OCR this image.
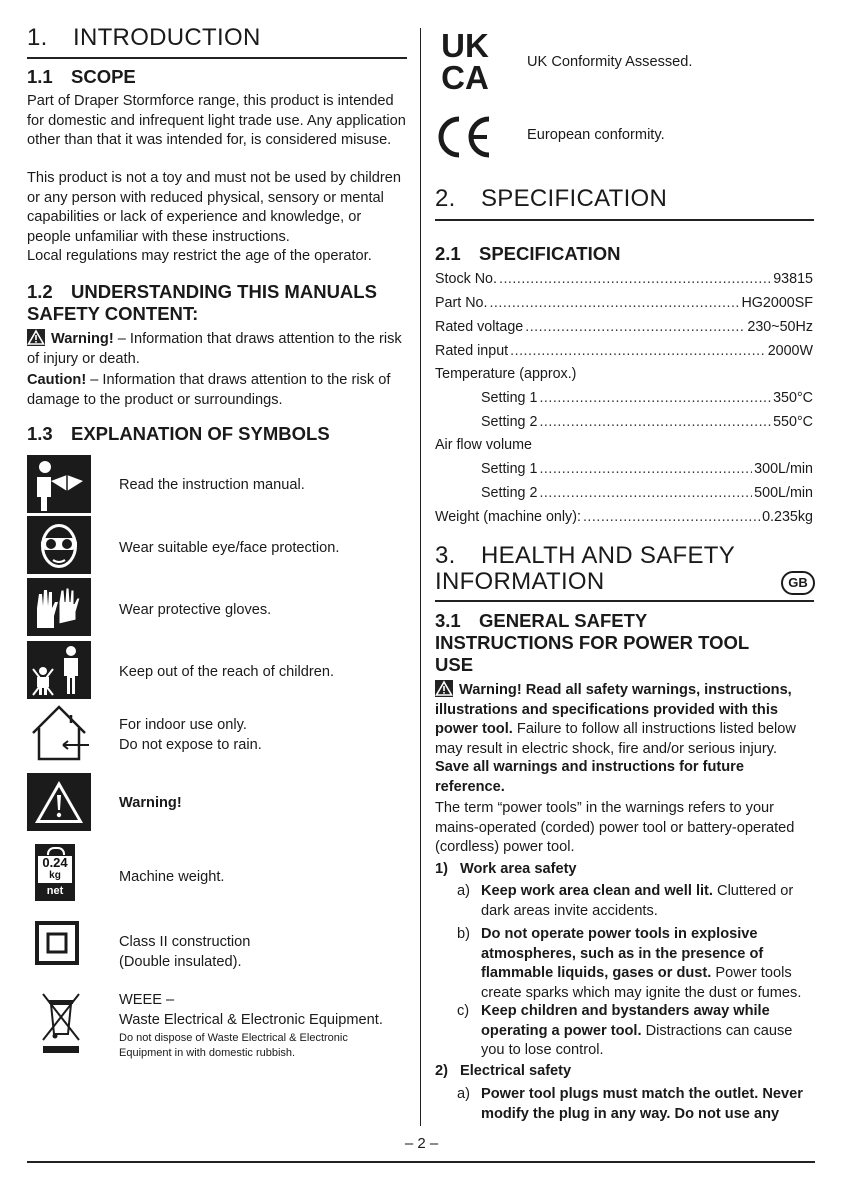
1. INTRODUCTION
1.1 SCOPE
Part of Draper Stormforce range, this product is intended for domestic and infrequent light trade use. Any application other than that it was intended for, is considered misuse.
This product is not a toy and must not be used by children or any person with reduced physical, sensory or mental capabilities or lack of experience and knowledge, or people unfamiliar with these instructions.
Local regulations may restrict the age of the operator.
1.2 UNDERSTANDING THIS MANUALS
SAFETY CONTENT:
Warning! – Information that draws attention to the risk of injury or death.
Caution! – Information that draws attention to the risk of damage to the product or surroundings.
1.3 EXPLANATION OF SYMBOLS
Read the instruction manual.
Wear suitable eye/face protection.
Wear protective gloves.
Keep out of the reach of children.
For indoor use only.
Do not expose to rain.
Warning!
0.24
kg
net
Machine weight.
Class II construction
(Double insulated).
WEEE –
Waste Electrical & Electronic Equipment.
Do not dispose of Waste Electrical & Electronic Equipment in with domestic rubbish.
UK
CA	UK Conformity Assessed.
European conformity.
2. SPECIFICATION
2.1 SPECIFICATION
Stock No. .....	93815
Part No. .....	HG2000SF
Rated voltage .....	230~50Hz
Rated input .....	2000W
Temperature (approx.)
Setting 1 .....	350°C
Setting 2 .....	550°C
Air flow volume
Setting 1 .....	300L/min
Setting 2 .....	500L/min
Weight (machine only): .....	0.235kg
3. HEALTH AND SAFETY
INFORMATION	GB
3.1 GENERAL SAFETY
INSTRUCTIONS FOR POWER TOOL
USE
Warning! Read all safety warnings, instructions, illustrations and specifications provided with this power tool. Failure to follow all instructions listed below may result in electric shock, fire and/or serious injury.
Save all warnings and instructions for future reference.
The term “power tools” in the warnings refers to your mains-operated (corded) power tool or battery-operated (cordless) power tool.
1) Work area safety
a) Keep work area clean and well lit. Cluttered or dark areas invite accidents.
b) Do not operate power tools in explosive atmospheres, such as in the presence of flammable liquids, gases or dust. Power tools create sparks which may ignite the dust or fumes.
c) Keep children and bystanders away while operating a power tool. Distractions can cause you to lose control.
2) Electrical safety
a) Power tool plugs must match the outlet. Never modify the plug in any way. Do not use any
– 2 –
